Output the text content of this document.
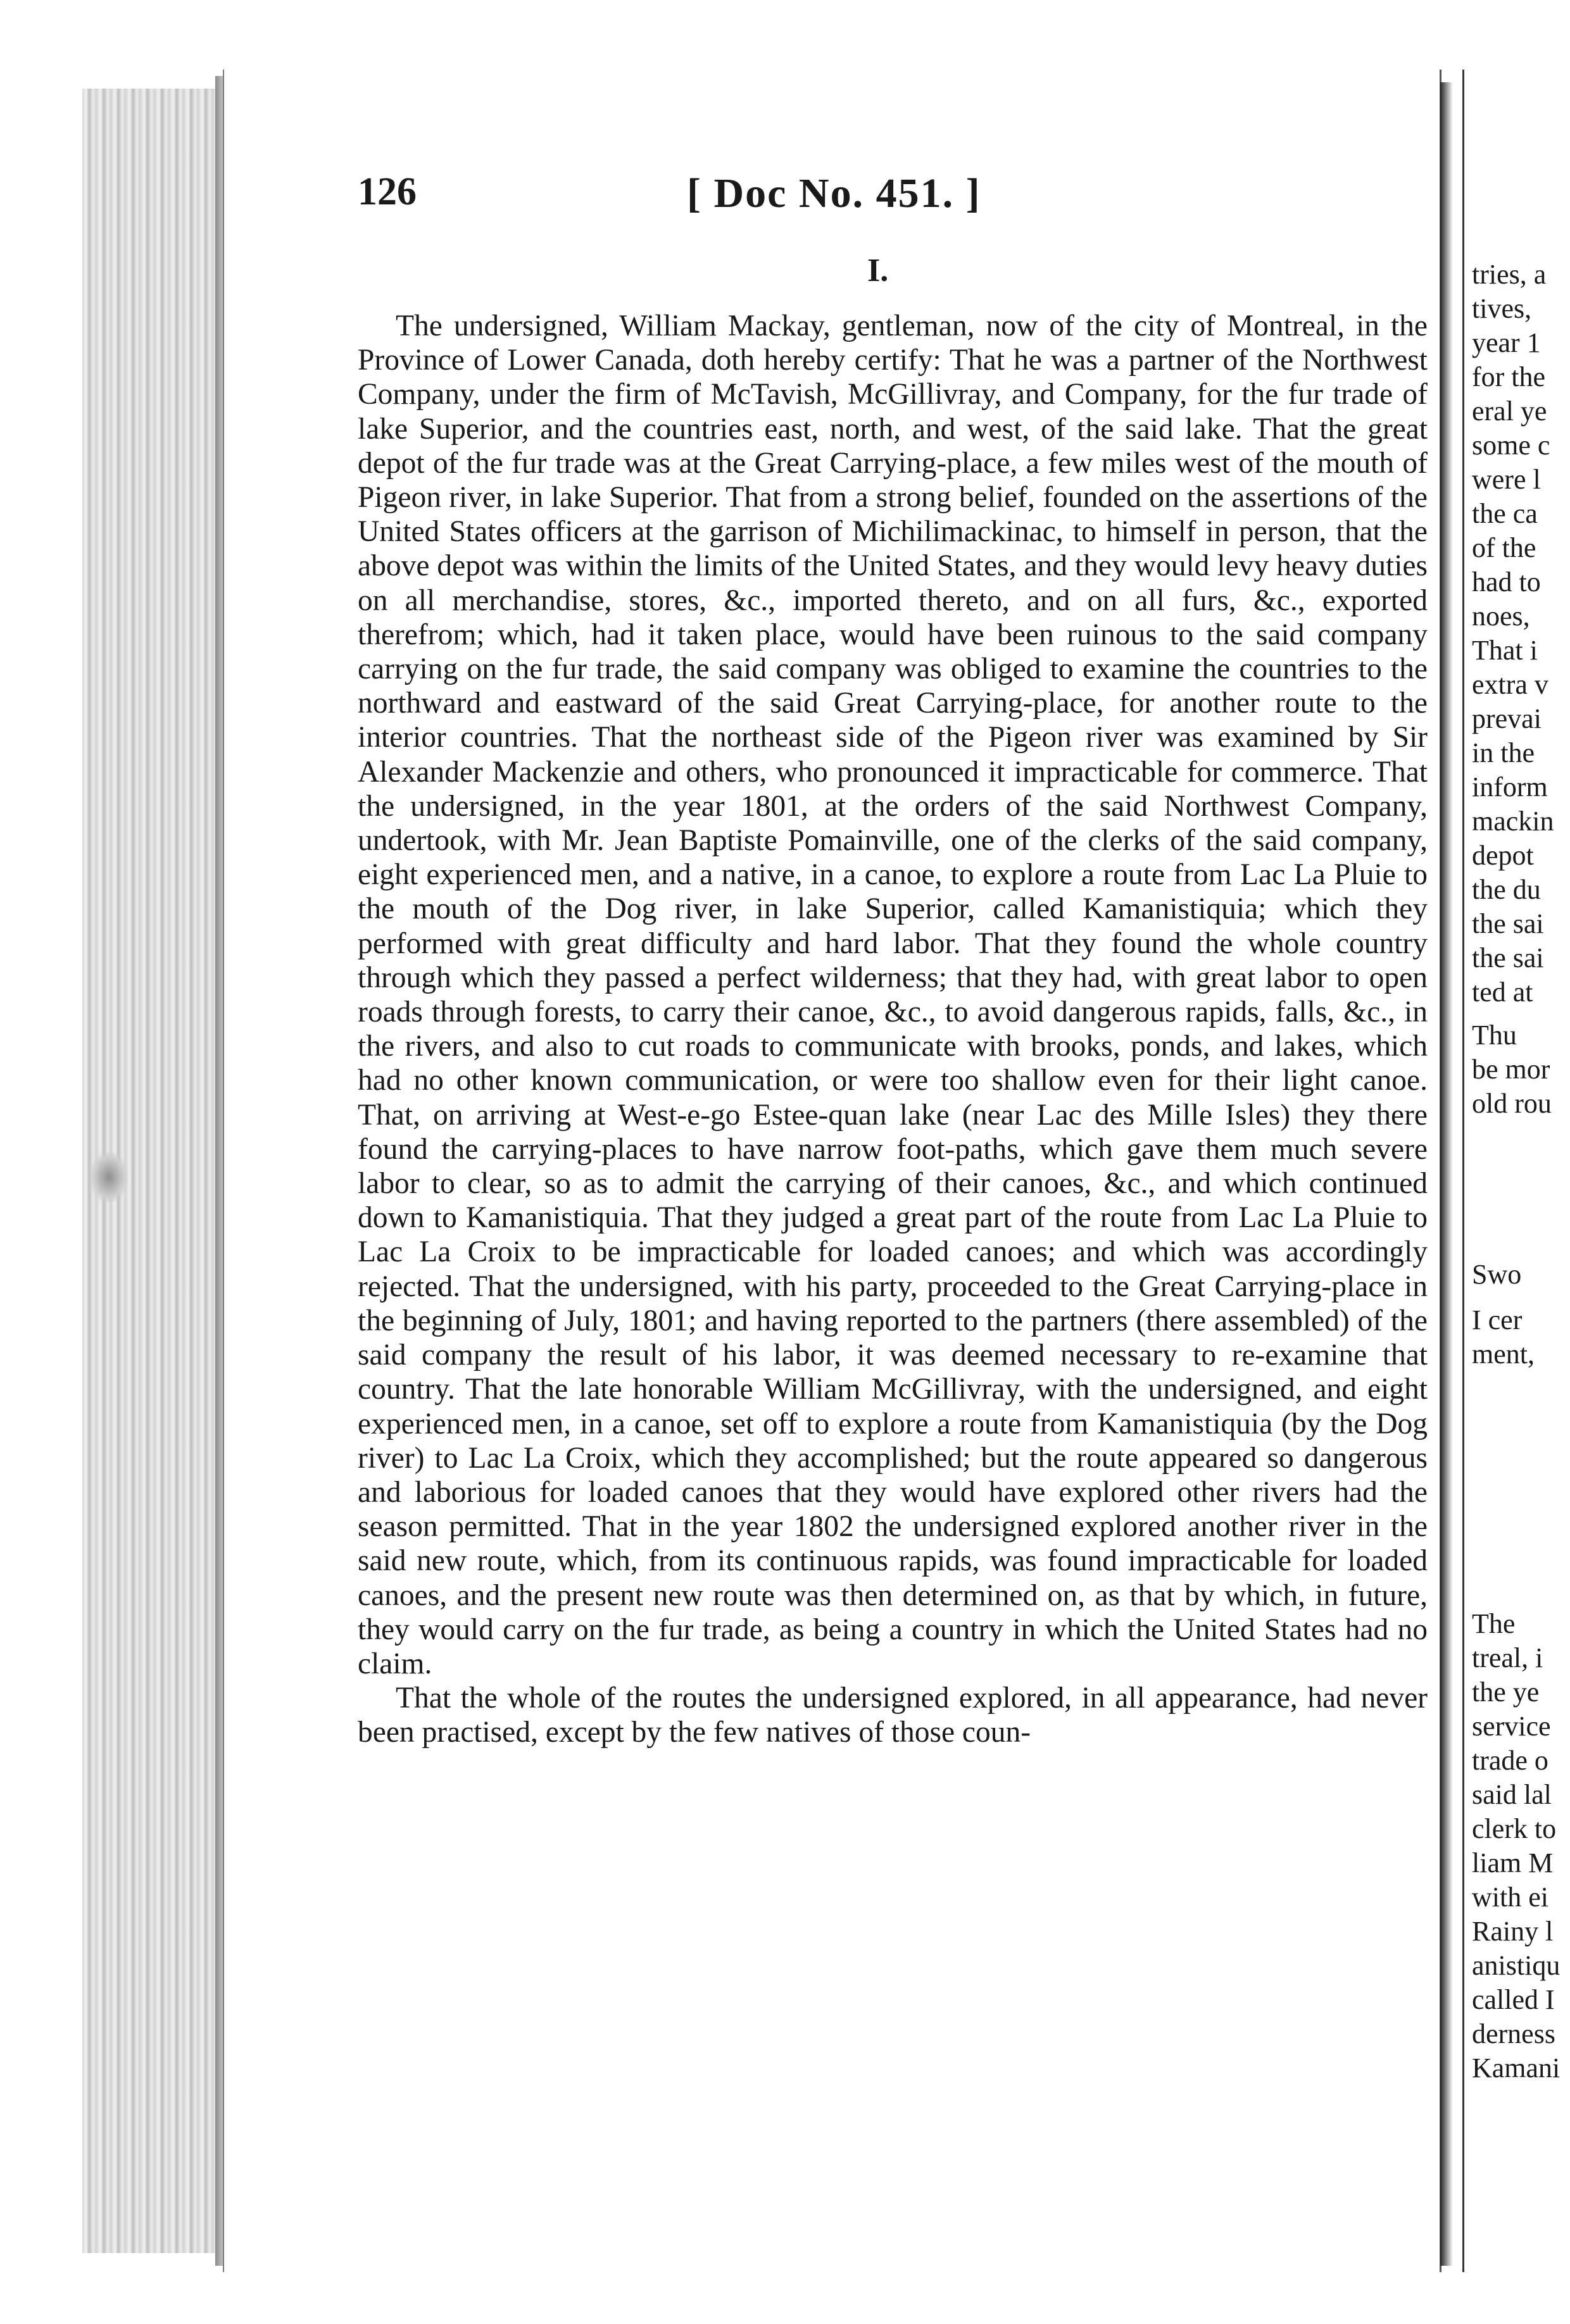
126	[ Doc No. 451. ]
I.

The undersigned, William Mackay, gentleman, now of the city of Montreal, in the Province of Lower Canada, doth hereby certify: That he was a partner of the Northwest Company, under the firm of McTavish, McGillivray, and Company, for the fur trade of lake Superior, and the countries east, north, and west, of the said lake. That the great depot of the fur trade was at the Great Carrying-place, a few miles west of the mouth of Pigeon river, in lake Superior. That from a strong belief, founded on the assertions of the United States officers at the garrison of Michilimackinac, to himself in person, that the above depot was within the limits of the United States, and they would levy heavy duties on all merchandise, stores, &c., imported thereto, and on all furs, &c., exported therefrom; which, had it taken place, would have been ruinous to the said company carrying on the fur trade, the said company was obliged to examine the countries to the northward and eastward of the said Great Carrying-place, for another route to the interior countries. That the northeast side of the Pigeon river was examined by Sir Alexander Mackenzie and others, who pronounced it impracticable for commerce. That the undersigned, in the year 1801, at the orders of the said Northwest Company, undertook, with Mr. Jean Baptiste Pomainville, one of the clerks of the said company, eight experienced men, and a native, in a canoe, to explore a route from Lac La Pluie to the mouth of the Dog river, in lake Superior, called Kamanistiquia; which they performed with great difficulty and hard labor. That they found the whole country through which they passed a perfect wilderness; that they had, with great labor to open roads through forests, to carry their canoe, &c., to avoid dangerous rapids, falls, &c., in the rivers, and also to cut roads to communicate with brooks, ponds, and lakes, which had no other known communication, or were too shallow even for their light canoe. That, on arriving at West-e-go Estee-quan lake (near Lac des Mille Isles) they there found the carrying-places to have narrow foot-paths, which gave them much severe labor to clear, so as to admit the carrying of their canoes, &c., and which continued down to Kamanistiquia. That they judged a great part of the route from Lac La Pluie to Lac La Croix to be impracticable for loaded canoes; and which was accordingly rejected. That the undersigned, with his party, proceeded to the Great Carrying-place in the beginning of July, 1801; and having reported to the partners (there assembled) of the said company the result of his labor, it was deemed necessary to re-examine that country. That the late honorable William McGillivray, with the undersigned, and eight experienced men, in a canoe, set off to explore a route from Kamanistiquia (by the Dog river) to Lac La Croix, which they accomplished; but the route appeared so dangerous and laborious for loaded canoes that they would have explored other rivers had the season permitted. That in the year 1802 the undersigned explored another river in the said new route, which, from its continuous rapids, was found impracticable for loaded canoes, and the present new route was then determined on, as that by which, in future, they would carry on the fur trade, as being a country in which the United States had no claim.

That the whole of the routes the undersigned explored, in all appearance, had never been practised, except by the few natives of those coun-

tries, a
tives,
year 1
for the
eral ye
some c
were l
the ca
of the
had to
noes,
That i
extra v
prevai
in the
inform
mackin
depot
the du
the sai
the sai
ted at
Thu
be mor
old rou
Swo
I cer
ment,
The
treal, i
the ye
service
trade o
said lal
clerk to
liam M
with ei
Rainy l
anistiqu
called I
derness
Kamani
